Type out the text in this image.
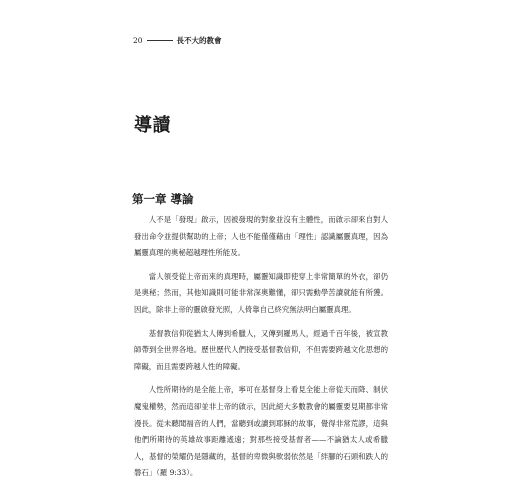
20	長不大的教會
導讀
第一章 導論

人不是「發現」啟示，因被發現的對象並沒有主體性，而啟示卻來自對人發出命令並提供幫助的上帝；人也不能僅僅藉由「理性」認識屬靈真理，因為屬靈真理的奧秘超越理性所能及。

當人領受從上帝而來的真理時，屬靈知識即使穿上非常簡單的外衣，卻仍是奧秘；然而，其他知識則可能非常深奧難懂，卻只需動學苦讀就能有所獲。因此，除非上帝的靈啟發光照，人倚靠自己終究無法明白屬靈真理。

基督教信仰從猶太人傳到希臘人，又傳到羅馬人，經過千百年後，被宣教師帶到全世界各地。歷世歷代人們接受基督教信仰，不但需要跨越文化思想的障礙，而且需要跨越人性的障礙。

人性所期待的是全能上帝，寧可在基督身上看見全能上帝從天而降、制伏魔鬼權勢，然而這卻並非上帝的啟示，因此絕大多數教會的屬靈要見期都非常漫長。從未聽聞福音的人們，當聽到或讀到耶穌的故事，覺得非常荒謬，這與他們所期待的英雄故事距離遙遠；對那些接受基督者——不論猶太人或希臘人，基督的榮耀仍是隱藏的，基督的卑微與軟弱依然是「絆腳的石頭和跌人的磐石」（羅 9:33）。
